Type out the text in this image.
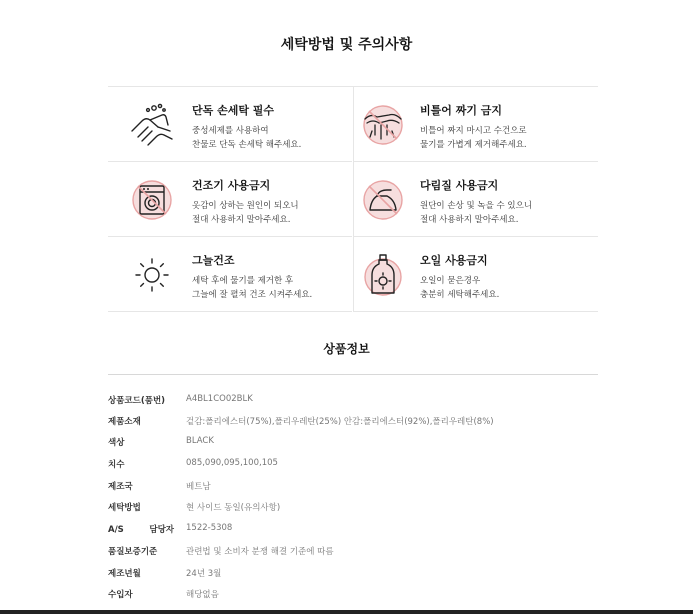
세탁방법 및 주의사항
단독 손세탁 필수
중성세제를 사용하여
찬물로 단독 손세탁 해주세요.
비틀어 짜기 금지
비틀어 짜지 마시고 수건으로
물기를 가볍게 제거해주세요.
건조기 사용금지
옷감이 상하는 원인이 되오니
절대 사용하지 말아주세요.
다림질 사용금지
원단이 손상 및 녹을 수 있으니
절대 사용하지 말아주세요.
그늘건조
세탁 후에 물기를 제거한 후
그늘에 잘 펼쳐 건조 시켜주세요.
오일 사용금지
오일이 묻은경우
충분히 세탁해주세요.
상품정보
상품코드(품번)	A4BL1CO02BLK
제품소재	겉감:폴리에스터(75%),폴리우레탄(25%) 안감:폴리에스터(92%),폴리우레탄(8%)
색상	BLACK
치수	085,090,095,100,105
제조국	베트남
세탁방법	현 사이드 동일(유의사항)
A/S 담당자 1522-5308
품질보증기준	관련법 및 소비자 분쟁 해결 기준에 따름
제조년월	24년 3월
수입자	해당없음
